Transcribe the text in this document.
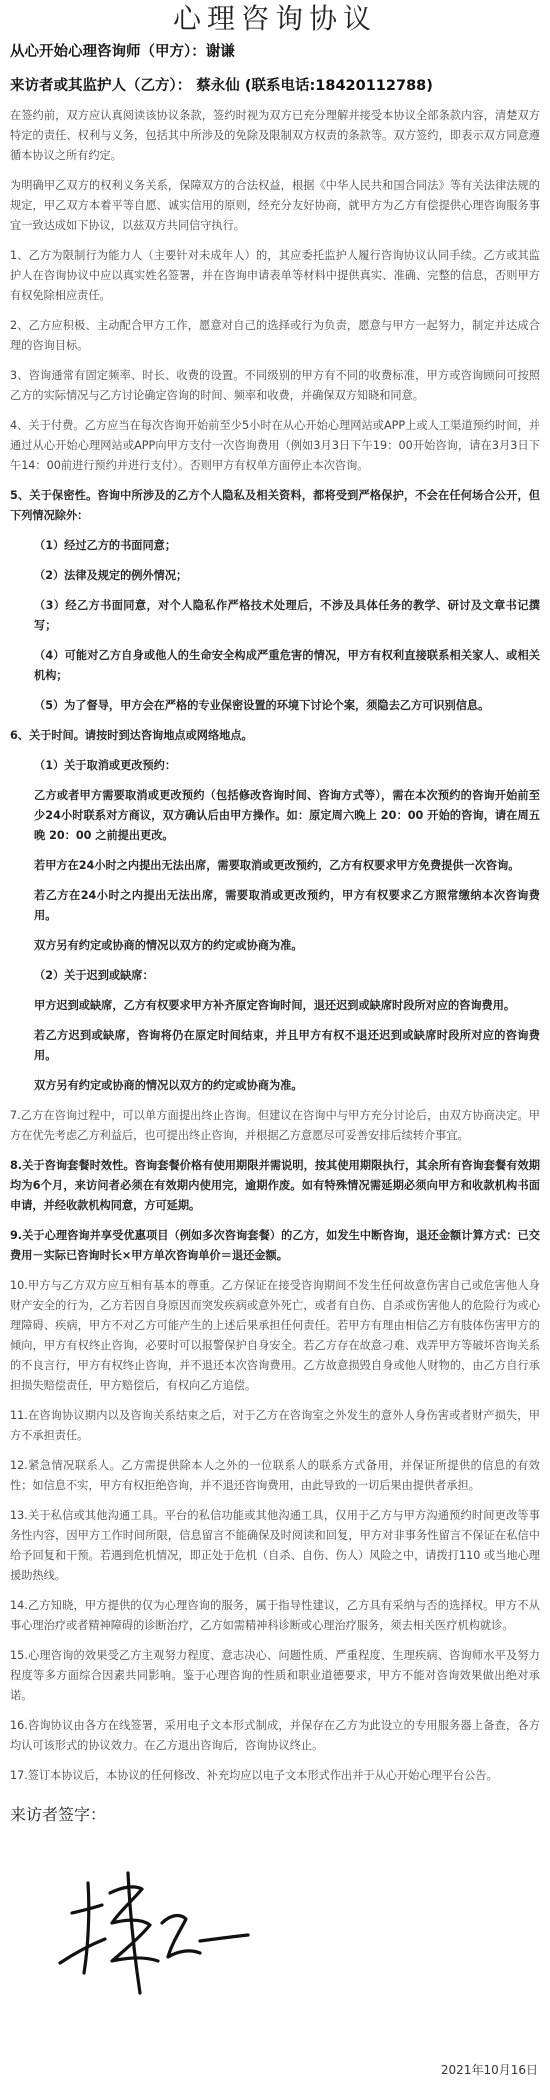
心理咨询协议
从心开始心理咨询师（甲方）：谢谦
来访者或其监护人（乙方）： 蔡永仙 (联系电话:18420112788)
在签约前，双方应认真阅读该协议条款，签约时视为双方已充分理解并接受本协议全部条款内容，清楚双方特定的责任、权利与义务，包括其中所涉及的免除及限制双方权责的条款等。双方签约，即表示双方同意遵循本协议之所有约定。
为明确甲乙双方的权利义务关系，保障双方的合法权益，根据《中华人民共和国合同法》等有关法律法规的规定，甲乙双方本着平等自愿、诚实信用的原则，经充分友好协商，就甲方为乙方有偿提供心理咨询服务事宜一致达成如下协议，以兹双方共同信守执行。
1、乙方为限制行为能力人（主要针对未成年人）的，其应委托监护人履行咨询协议认同手续。乙方或其监护人在咨询协议中应以真实姓名签署，并在咨询申请表单等材料中提供真实、准确、完整的信息，否则甲方有权免除相应责任。
2、乙方应积极、主动配合甲方工作，愿意对自己的选择或行为负责，愿意与甲方一起努力，制定并达成合理的咨询目标。
3、咨询通常有固定频率、时长、收费的设置。不同级别的甲方有不同的收费标准，甲方或咨询顾问可按照乙方的实际情况与乙方讨论确定咨询的时间、频率和收费，并确保双方知晓和同意。
4、关于付费。乙方应当在每次咨询开始前至少5小时在从心开始心理网站或APP上或人工渠道预约时间，并通过从心开始心理网站或APP向甲方支付一次咨询费用（例如3月3日下午19：00开始咨询，请在3月3日下午14：00前进行预约并进行支付）。否则甲方有权单方面停止本次咨询。
5、关于保密性。咨询中所涉及的乙方个人隐私及相关资料，都将受到严格保护，不会在任何场合公开，但下列情况除外：
（1）经过乙方的书面同意；
（2）法律及规定的例外情况；
（3）经乙方书面同意，对个人隐私作严格技术处理后，不涉及具体任务的教学、研讨及文章书记撰写；
（4）可能对乙方自身或他人的生命安全构成严重危害的情况，甲方有权利直接联系相关家人、或相关机构；
（5）为了督导，甲方会在严格的专业保密设置的环境下讨论个案，须隐去乙方可识别信息。
6、关于时间。请按时到达咨询地点或网络地点。
（1）关于取消或更改预约：
乙方或者甲方需要取消或更改预约（包括修改咨询时间、咨询方式等），需在本次预约的咨询开始前至少24小时联系对方商议，双方确认后由甲方操作。如：原定周六晚上 20：00 开始的咨询，请在周五晚 20：00 之前提出更改。
若甲方在24小时之内提出无法出席，需要取消或更改预约，乙方有权要求甲方免费提供一次咨询。
若乙方在24小时之内提出无法出席，需要取消或更改预约，甲方有权要求乙方照常缴纳本次咨询费用。
双方另有约定或协商的情况以双方的约定或协商为准。
（2）关于迟到或缺席：
甲方迟到或缺席，乙方有权要求甲方补齐原定咨询时间，退还迟到或缺席时段所对应的咨询费用。
若乙方迟到或缺席，咨询将仍在原定时间结束，并且甲方有权不退还迟到或缺席时段所对应的咨询费用。
双方另有约定或协商的情况以双方的约定或协商为准。
7.乙方在咨询过程中，可以单方面提出终止咨询。但建议在咨询中与甲方充分讨论后，由双方协商决定。甲方在优先考虑乙方利益后，也可提出终止咨询，并根据乙方意愿尽可妥善安排后续转介事宜。
8.关于咨询套餐时效性。咨询套餐价格有使用期限并需说明，按其使用期限执行，其余所有咨询套餐有效期均为6个月，来访问者必须在有效期内使用完，逾期作废。如有特殊情况需延期必须向甲方和收款机构书面申请，并经收款机构同意，方可延期。
9.关于心理咨询并享受优惠项目（例如多次咨询套餐）的乙方，如发生中断咨询，退还金额计算方式：已交费用－实际已咨询时长×甲方单次咨询单价＝退还金额。
10.甲方与乙方双方应互相有基本的尊重。乙方保证在接受咨询期间不发生任何故意伤害自己或危害他人身财产安全的行为，乙方若因自身原因而突发疾病或意外死亡，或者有自伤、自杀或伤害他人的危险行为或心理障碍、疾病，甲方不对乙方可能产生的上述后果承担任何责任。若甲方有理由相信乙方有肢体伤害甲方的倾向，甲方有权终止咨询，必要时可以报警保护自身安全。若乙方存在故意刁难、戏弄甲方等破坏咨询关系的不良言行，甲方有权终止咨询，并不退还本次咨询费用。乙方故意损毁自身或他人财物的，由乙方自行承担损失赔偿责任，甲方赔偿后，有权向乙方追偿。
11.在咨询协议期内以及咨询关系结束之后，对于乙方在咨询室之外发生的意外人身伤害或者财产损失，甲方不承担责任。
12.紧急情况联系人。乙方需提供除本人之外的一位联系人的联系方式备用，并保证所提供的信息的有效性；如信息不实，甲方有权拒绝咨询，并不退还咨询费用，由此导致的一切后果由提供者承担。
13.关于私信或其他沟通工具。平台的私信功能或其他沟通工具，仅用于乙方与甲方沟通预约时间更改等事务性内容，因甲方工作时间所限，信息留言不能确保及时阅读和回复，甲方对非事务性留言不保证在私信中给予回复和干预。若遇到危机情况，即正处于危机（自杀、自伤、伤人）风险之中，请拨打110 或当地心理援助热线。
14.乙方知晓，甲方提供的仅为心理咨询的服务，属于指导性建议，乙方具有采纳与否的选择权。甲方不从事心理治疗或者精神障碍的诊断治疗，乙方如需精神科诊断或心理治疗服务，须去相关医疗机构就诊。
15.心理咨询的效果受乙方主观努力程度、意志决心、问题性质、严重程度、生理疾病、咨询师水平及努力程度等多方面综合因素共同影响。鉴于心理咨询的性质和职业道德要求，甲方不能对咨询效果做出绝对承诺。
16.咨询协议由各方在线签署，采用电子文本形式制成，并保存在乙方为此设立的专用服务器上备查，各方均认可该形式的协议效力。在乙方退出咨询后，咨询协议终止。
17.签订本协议后，本协议的任何修改、补充均应以电子文本形式作出并于从心开始心理平台公告。
来访者签字：
2021年10月16日
